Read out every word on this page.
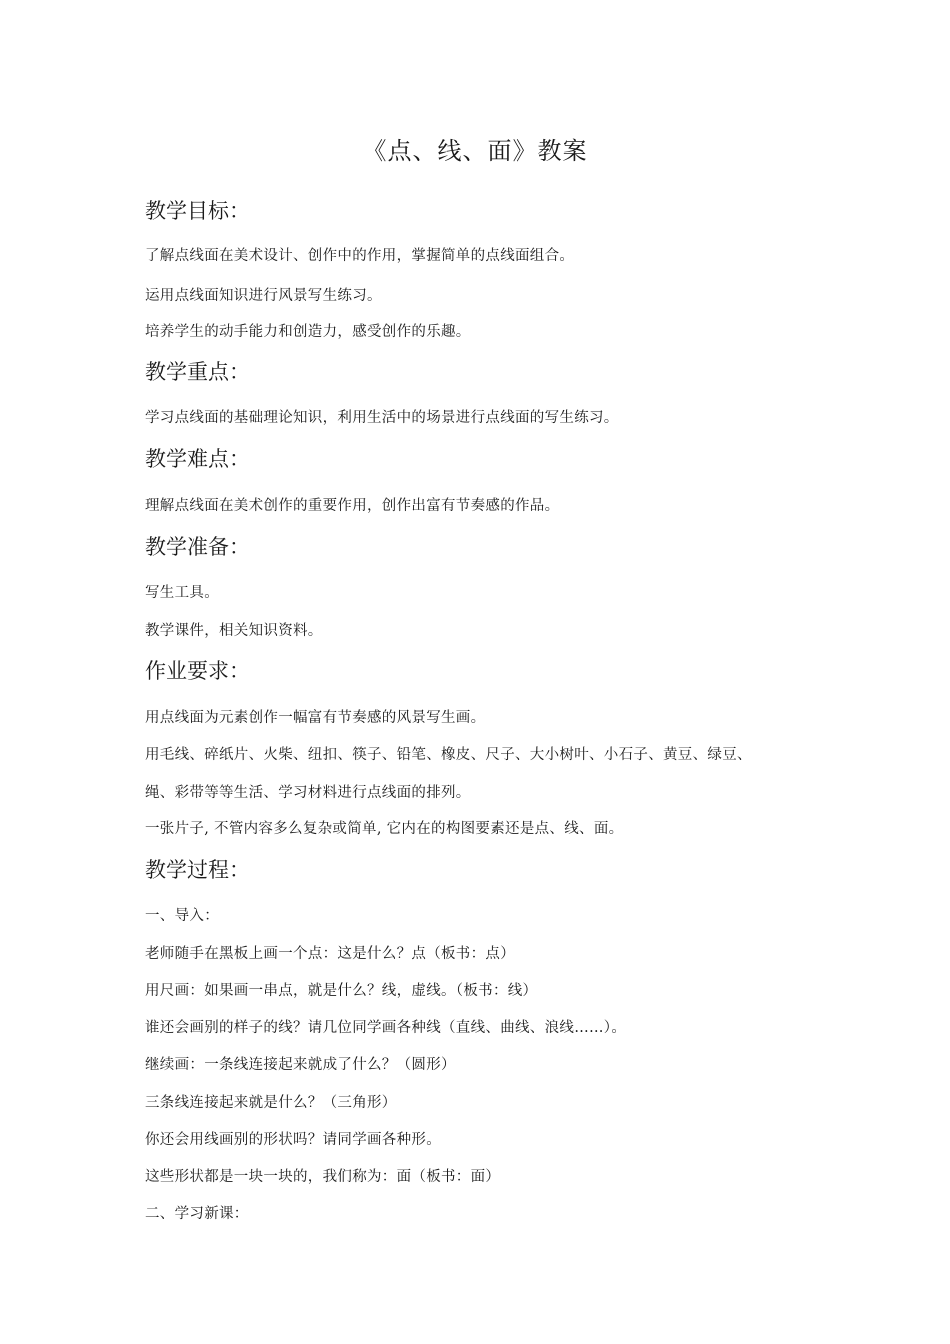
《点、线、面》教案
教学目标：
了解点线面在美术设计、创作中的作用，掌握简单的点线面组合。
运用点线面知识进行风景写生练习。
培养学生的动手能力和创造力，感受创作的乐趣。
教学重点：
学习点线面的基础理论知识，利用生活中的场景进行点线面的写生练习。
教学难点：
理解点线面在美术创作的重要作用，创作出富有节奏感的作品。
教学准备：
写生工具。
教学课件，相关知识资料。
作业要求：
用点线面为元素创作一幅富有节奏感的风景写生画。
用毛线、碎纸片、火柴、纽扣、筷子、铅笔、橡皮、尺子、大小树叶、小石子、黄豆、绿豆、
绳、彩带等等生活、学习材料进行点线面的排列。
一张片子, 不管内容多么复杂或简单, 它内在的构图要素还是点、线、面。
教学过程：
一、导入：
老师随手在黑板上画一个点：这是什么？点（板书：点）
用尺画：如果画一串点，就是什么？线，虚线。（板书：线）
谁还会画别的样子的线？请几位同学画各种线（直线、曲线、浪线……）。
继续画：一条线连接起来就成了什么？（圆形）
三条线连接起来就是什么？（三角形）
你还会用线画别的形状吗？请同学画各种形。
这些形状都是一块一块的，我们称为：面（板书：面）
二、学习新课：
